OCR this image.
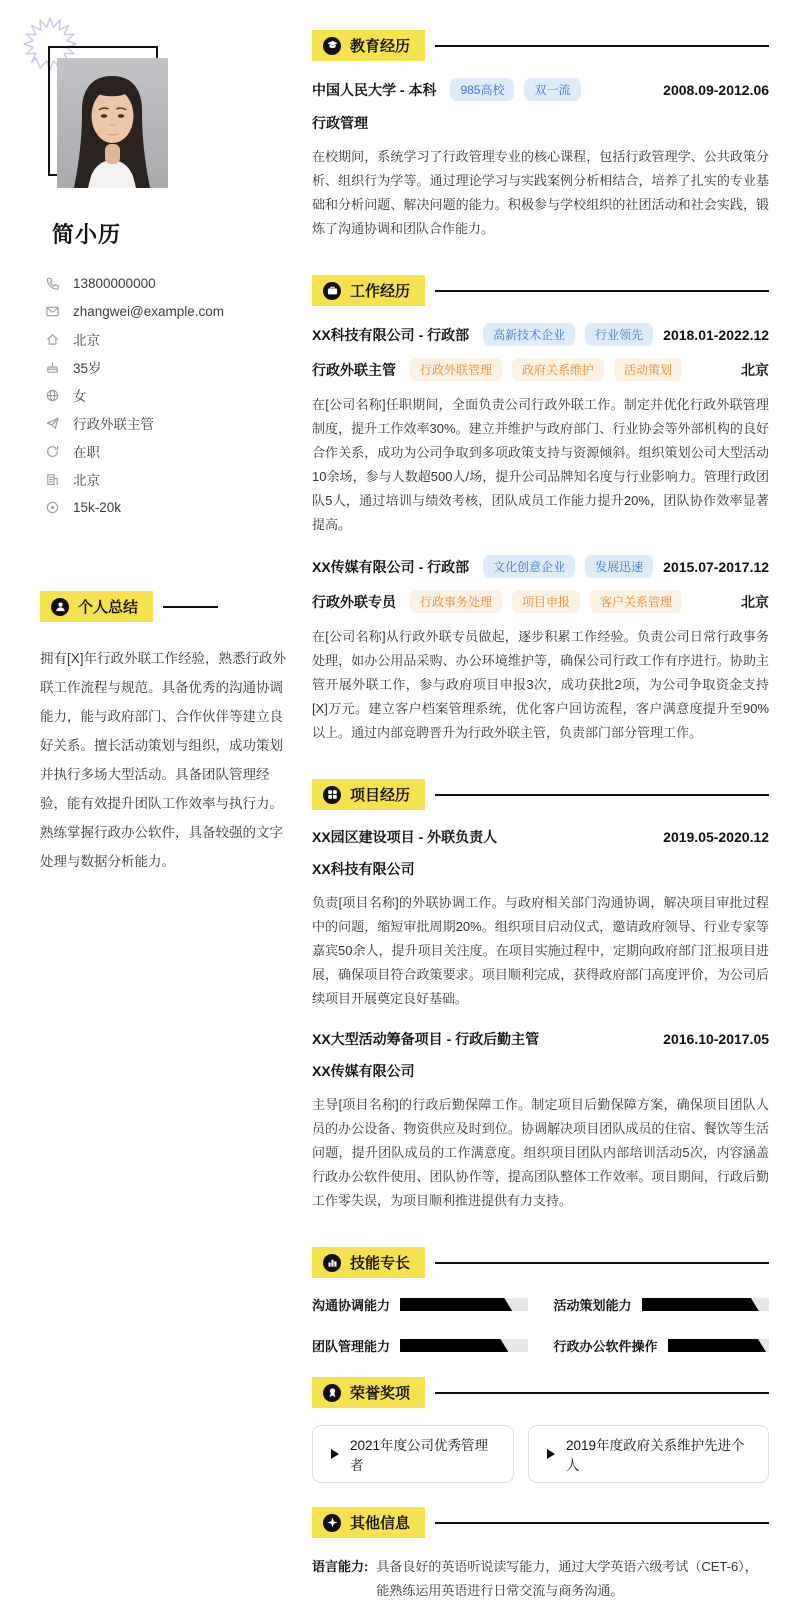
简小历
13800000000
zhangwei@example.com
北京
35岁
女
行政外联主管
在职
北京
15k-20k
个人总结

拥有[X]年行政外联工作经验，熟悉行政外联工作流程与规范。具备优秀的沟通协调能力，能与政府部门、合作伙伴等建立良好关系。擅长活动策划与组织，成功策划并执行多场大型活动。具备团队管理经验，能有效提升团队工作效率与执行力。熟练掌握行政办公软件，具备较强的文字处理与数据分析能力。

教育经历
中国人民大学 - 本科	985高校	双一流	2008.09-2012.06
行政管理

在校期间，系统学习了行政管理专业的核心课程，包括行政管理学、公共政策分析、组织行为学等。通过理论学习与实践案例分析相结合，培养了扎实的专业基础和分析问题、解决问题的能力。积极参与学校组织的社团活动和社会实践，锻炼了沟通协调和团队合作能力。

工作经历
XX科技有限公司 - 行政部	高新技术企业	行业领先	2018.01-2022.12
行政外联主管	行政外联管理	政府关系维护	活动策划	北京

在[公司名称]任职期间，全面负责公司行政外联工作。制定并优化行政外联管理制度，提升工作效率30%。建立并维护与政府部门、行业协会等外部机构的良好合作关系，成功为公司争取到多项政策支持与资源倾斜。组织策划公司大型活动10余场，参与人数超500人/场，提升公司品牌知名度与行业影响力。管理行政团队5人，通过培训与绩效考核，团队成员工作能力提升20%，团队协作效率显著提高。

XX传媒有限公司 - 行政部	文化创意企业	发展迅速	2015.07-2017.12
行政外联专员	行政事务处理	项目申报	客户关系管理	北京

在[公司名称]从行政外联专员做起，逐步积累工作经验。负责公司日常行政事务处理，如办公用品采购、办公环境维护等，确保公司行政工作有序进行。协助主管开展外联工作，参与政府项目申报3次，成功获批2项，为公司争取资金支持[X]万元。建立客户档案管理系统，优化客户回访流程，客户满意度提升至90%以上。通过内部竞聘晋升为行政外联主管，负责部门部分管理工作。

项目经历
XX园区建设项目 - 外联负责人	2019.05-2020.12
XX科技有限公司

负责[项目名称]的外联协调工作。与政府相关部门沟通协调，解决项目审批过程中的问题，缩短审批周期20%。组织项目启动仪式，邀请政府领导、行业专家等嘉宾50余人，提升项目关注度。在项目实施过程中，定期向政府部门汇报项目进展，确保项目符合政策要求。项目顺利完成，获得政府部门高度评价，为公司后续项目开展奠定良好基础。

XX大型活动筹备项目 - 行政后勤主管	2016.10-2017.05
XX传媒有限公司

主导[项目名称]的行政后勤保障工作。制定项目后勤保障方案，确保项目团队人员的办公设备、物资供应及时到位。协调解决项目团队成员的住宿、餐饮等生活问题，提升团队成员的工作满意度。组织项目团队内部培训活动5次，内容涵盖行政办公软件使用、团队协作等，提高团队整体工作效率。项目期间，行政后勤工作零失误，为项目顺利推进提供有力支持。

技能专长
沟通协调能力	活动策划能力
团队管理能力	行政办公软件操作
荣誉奖项
2021年度公司优秀管理者
2019年度政府关系维护先进个人
其他信息
语言能力: 具备良好的英语听说读写能力，通过大学英语六级考试（CET-6），能熟练运用英语进行日常交流与商务沟通。
